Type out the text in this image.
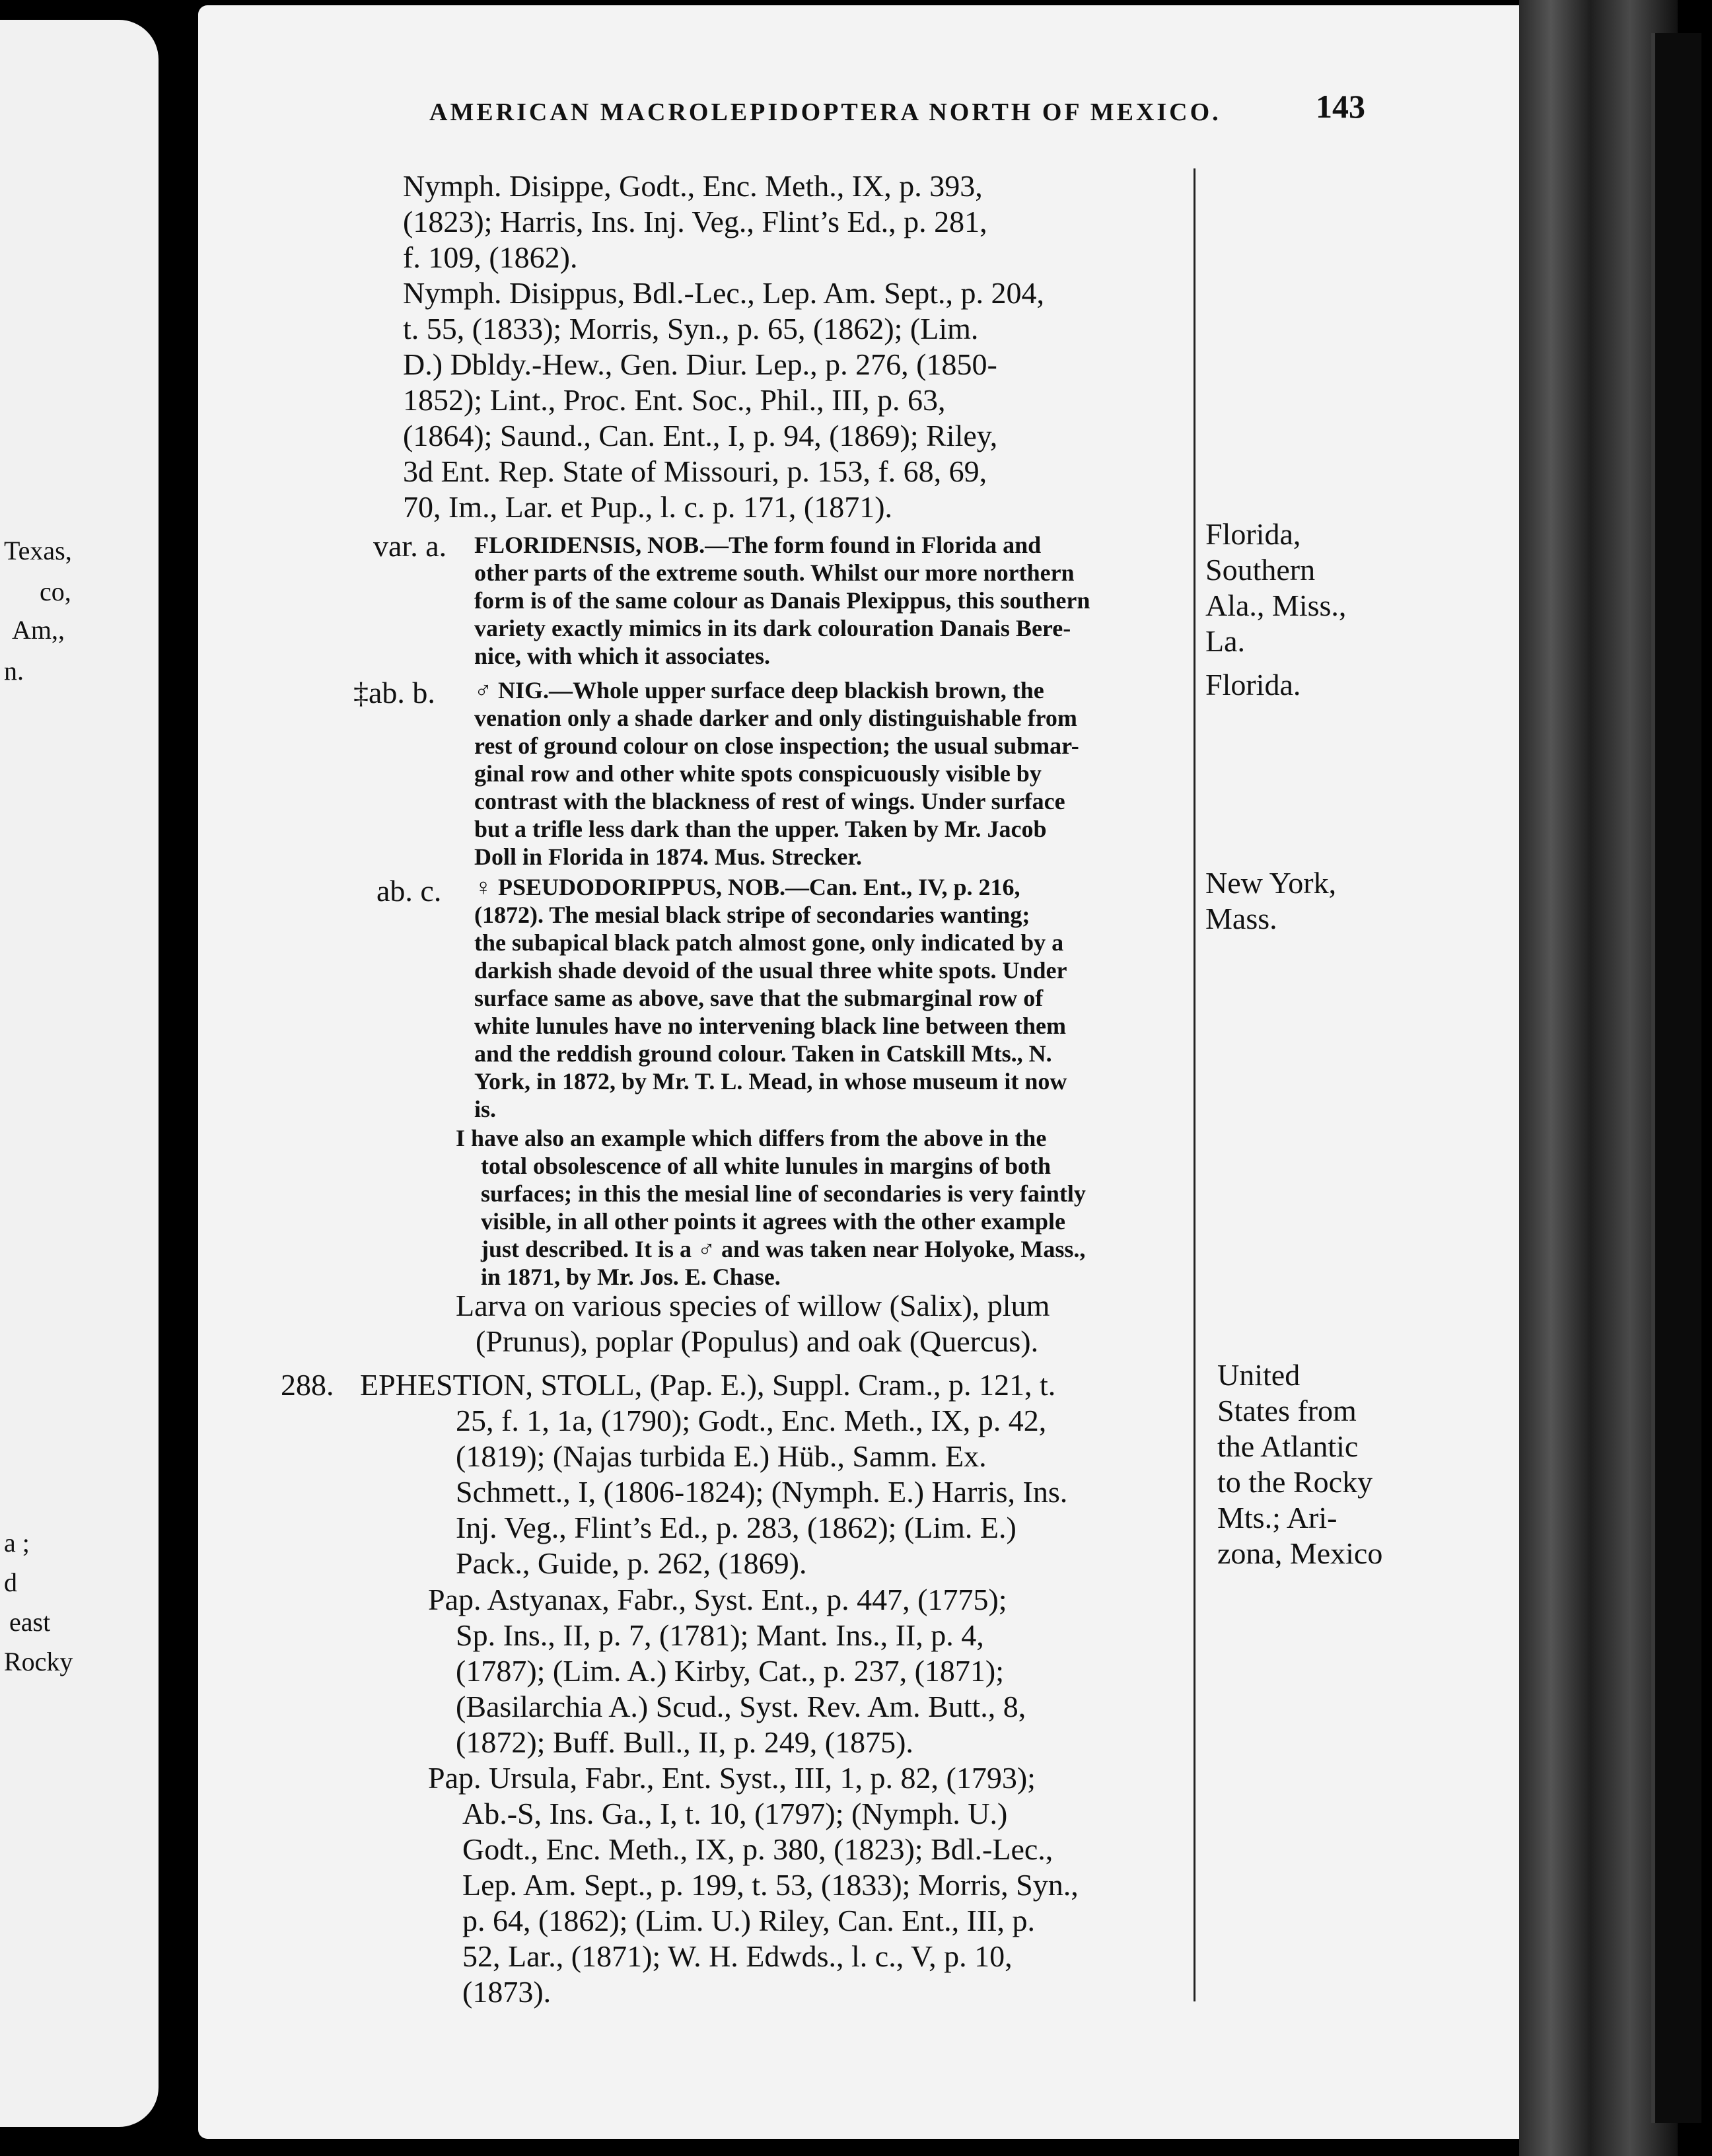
Texas,
co,
Am,,
n.
a ;
d
east
Rocky
AMERICAN MACROLEPIDOPTERA NORTH OF MEXICO.	143
Nymph. Disippe, Godt., Enc. Meth., IX, p. 393,
(1823); Harris, Ins. Inj. Veg., Flint’s Ed., p. 281,
f. 109, (1862).
Nymph. Disippus, Bdl.-Lec., Lep. Am. Sept., p. 204,
t. 55, (1833); Morris, Syn., p. 65, (1862); (Lim.
D.) Dbldy.-Hew., Gen. Diur. Lep., p. 276, (1850-
1852); Lint., Proc. Ent. Soc., Phil., III, p. 63,
(1864); Saund., Can. Ent., I, p. 94, (1869); Riley,
3d Ent. Rep. State of Missouri, p. 153, f. 68, 69,
70, Im., Lar. et Pup., l. c. p. 171, (1871).
var. a. FLORIDENSIS, NOB.—The form found in Florida and
other parts of the extreme south. Whilst our more northern
form is of the same colour as Danais Plexippus, this southern
variety exactly mimics in its dark colouration Danais Bere-
nice, with which it associates.
Florida,
Southern
Ala., Miss.,
La.
‡ab. b. ♂ NIG.—Whole upper surface deep blackish brown, the
venation only a shade darker and only distinguishable from
rest of ground colour on close inspection; the usual submar-
ginal row and other white spots conspicuously visible by
contrast with the blackness of rest of wings. Under surface
but a trifle less dark than the upper. Taken by Mr. Jacob
Doll in Florida in 1874. Mus. Strecker.
Florida.
ab. c. ♀ PSEUDODORIPPUS, NOB.—Can. Ent., IV, p. 216,
(1872). The mesial black stripe of secondaries wanting;
the subapical black patch almost gone, only indicated by a
darkish shade devoid of the usual three white spots. Under
surface same as above, save that the submarginal row of
white lunules have no intervening black line between them
and the reddish ground colour. Taken in Catskill Mts., N.
York, in 1872, by Mr. T. L. Mead, in whose museum it now
is.
I have also an example which differs from the above in the
total obsolescence of all white lunules in margins of both
surfaces; in this the mesial line of secondaries is very faintly
visible, in all other points it agrees with the other example
just described. It is a ♂ and was taken near Holyoke, Mass.,
in 1871, by Mr. Jos. E. Chase.
New York,
Mass.
Larva on various species of willow (Salix), plum
(Prunus), poplar (Populus) and oak (Quercus).
288. EPHESTION, STOLL, (Pap. E.), Suppl. Cram., p. 121, t.
25, f. 1, 1a, (1790); Godt., Enc. Meth., IX, p. 42,
(1819); (Najas turbida E.) Hüb., Samm. Ex.
Schmett., I, (1806-1824); (Nymph. E.) Harris, Ins.
Inj. Veg., Flint’s Ed., p. 283, (1862); (Lim. E.)
Pack., Guide, p. 262, (1869).
United
States from
the Atlantic
to the Rocky
Mts.; Ari-
zona, Mexico
Pap. Astyanax, Fabr., Syst. Ent., p. 447, (1775);
Sp. Ins., II, p. 7, (1781); Mant. Ins., II, p. 4,
(1787); (Lim. A.) Kirby, Cat., p. 237, (1871);
(Basilarchia A.) Scud., Syst. Rev. Am. Butt., 8,
(1872); Buff. Bull., II, p. 249, (1875).
Pap. Ursula, Fabr., Ent. Syst., III, 1, p. 82, (1793);
Ab.-S, Ins. Ga., I, t. 10, (1797); (Nymph. U.)
Godt., Enc. Meth., IX, p. 380, (1823); Bdl.-Lec.,
Lep. Am. Sept., p. 199, t. 53, (1833); Morris, Syn.,
p. 64, (1862); (Lim. U.) Riley, Can. Ent., III, p.
52, Lar., (1871); W. H. Edwds., l. c., V, p. 10,
(1873).
